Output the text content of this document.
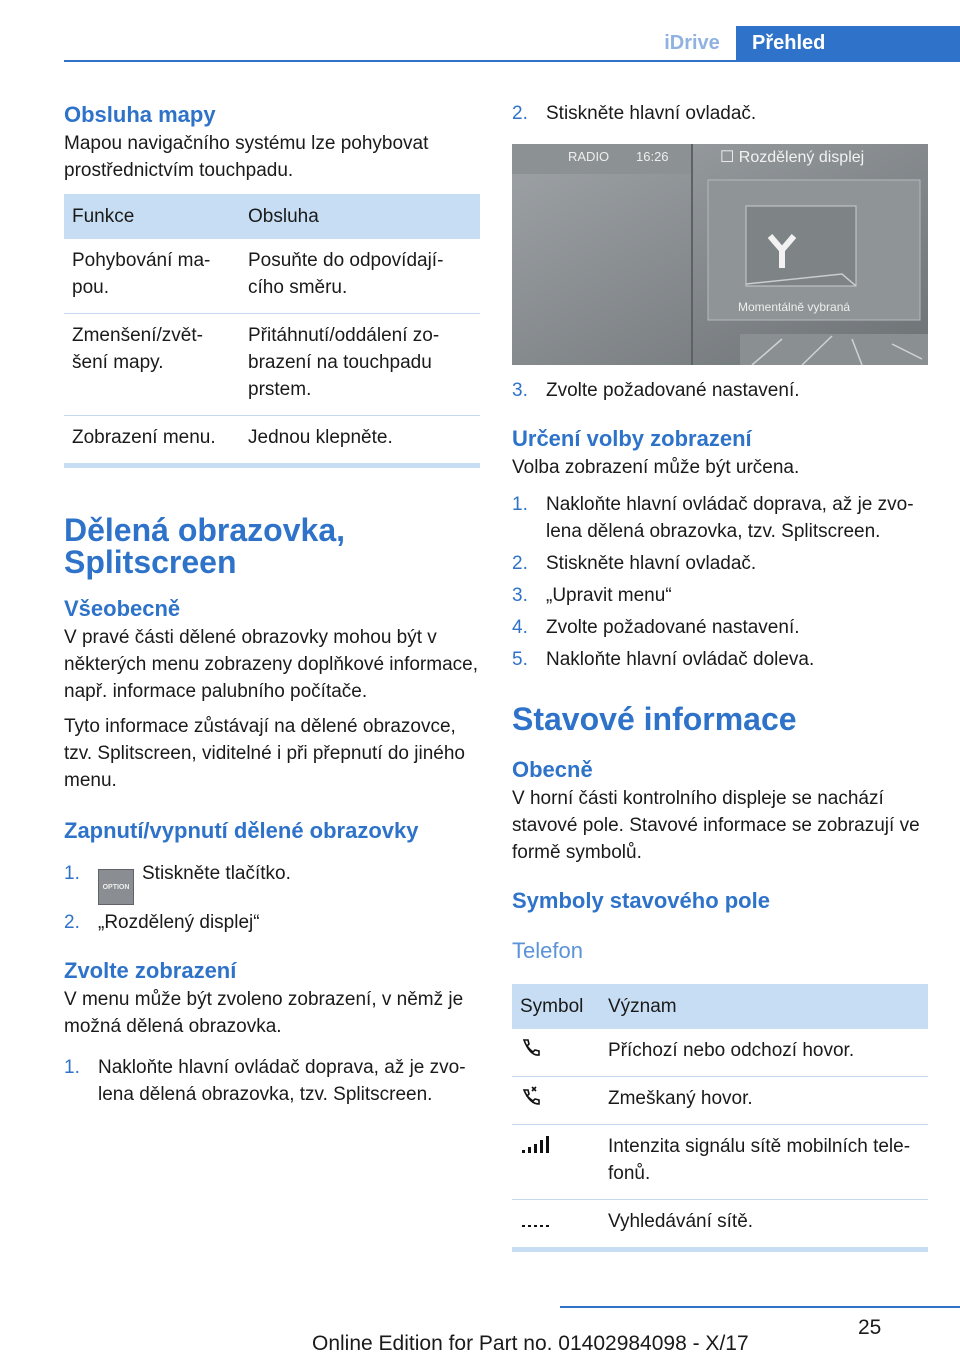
iDrive	Přehled
Obsluha mapy

Mapou navigačního systému lze pohybovat prostřednictvím touchpadu.

Funkce	Obsluha
Pohybování mapou.	Posuňte do odpovídajícího směru.
Zmenšení/zvětšení mapy.	Přitáhnutí/oddálení zobrazení na touchpadu prstem.
Zobrazení menu.	Jednou klepněte.
Dělená obrazovka, Splitscreen
Všeobecně

V pravé části dělené obrazovky mohou být v některých menu zobrazeny doplňkové informace, např. informace palubního počítače.

Tyto informace zůstávají na dělené obrazovce, tzv. Splitscreen, viditelné i při přepnutí do jiného menu.

Zapnutí/vypnutí dělené obrazovky
1.
OPTIONStiskněte tlačítko.
2. „Rozdělený displej“
Zvolte zobrazení

V menu může být zvoleno zobrazení, v němž je možná dělená obrazovka.

1. Nakloňte hlavní ovládač doprava, až je zvolena dělená obrazovka, tzv. Splitscreen.
2. Stiskněte hlavní ovladač.
RADIO 16:26	☐ Rozdělený displej
Momentálně vybraná
3. Zvolte požadované nastavení.
Určení volby zobrazení

Volba zobrazení může být určena.

1. Nakloňte hlavní ovládač doprava, až je zvolena dělená obrazovka, tzv. Splitscreen.
2. Stiskněte hlavní ovladač.
3. „Upravit menu“
4. Zvolte požadované nastavení.
5. Nakloňte hlavní ovládač doleva.
Stavové informace
Obecně

V horní části kontrolního displeje se nachází stavové pole. Stavové informace se zobrazují ve formě symbolů.

Symboly stavového pole
Telefon
Symbol	Význam

	Příchozí nebo odchozí hovor.

	Zmeškaný hovor.

	Intenzita signálu sítě mobilních telefonů.

	Vyhledávání sítě.
25
Online Edition for Part no. 01402984098 - X/17
